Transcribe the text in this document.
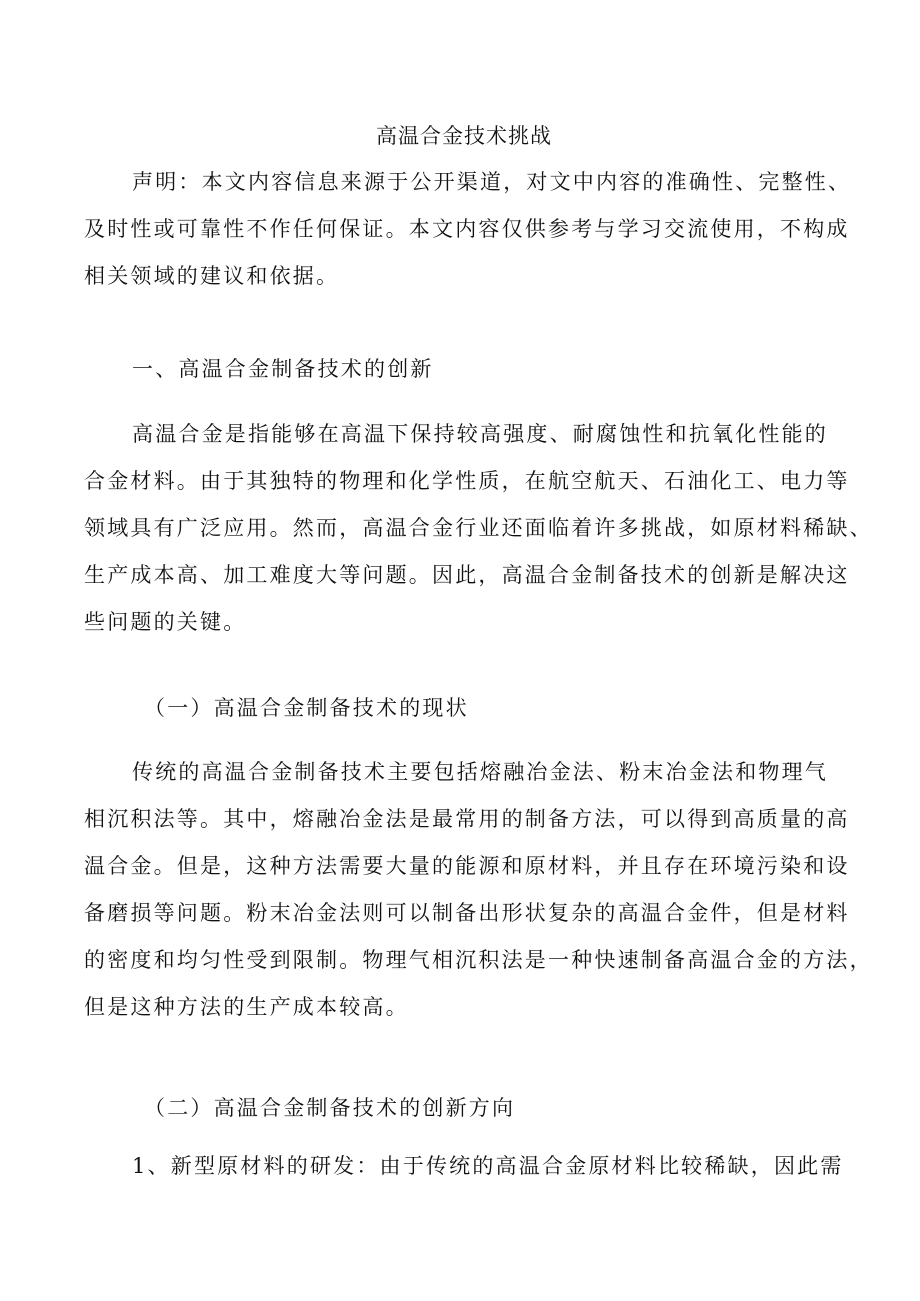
高温合金技术挑战
声明：本文内容信息来源于公开渠道，对文中内容的准确性、完整性、
及时性或可靠性不作任何保证。本文内容仅供参考与学习交流使用，不构成
相关领域的建议和依据。
一、高温合金制备技术的创新
高温合金是指能够在高温下保持较高强度、耐腐蚀性和抗氧化性能的
合金材料。由于其独特的物理和化学性质，在航空航天、石油化工、电力等
领域具有广泛应用。然而，高温合金行业还面临着许多挑战，如原材料稀缺、
生产成本高、加工难度大等问题。因此，高温合金制备技术的创新是解决这
些问题的关键。
（一）高温合金制备技术的现状
传统的高温合金制备技术主要包括熔融冶金法、粉末冶金法和物理气
相沉积法等。其中，熔融冶金法是最常用的制备方法，可以得到高质量的高
温合金。但是，这种方法需要大量的能源和原材料，并且存在环境污染和设
备磨损等问题。粉末冶金法则可以制备出形状复杂的高温合金件，但是材料
的密度和均匀性受到限制。物理气相沉积法是一种快速制备高温合金的方法，
但是这种方法的生产成本较高。
（二）高温合金制备技术的创新方向
1、新型原材料的研发：由于传统的高温合金原材料比较稀缺，因此需
